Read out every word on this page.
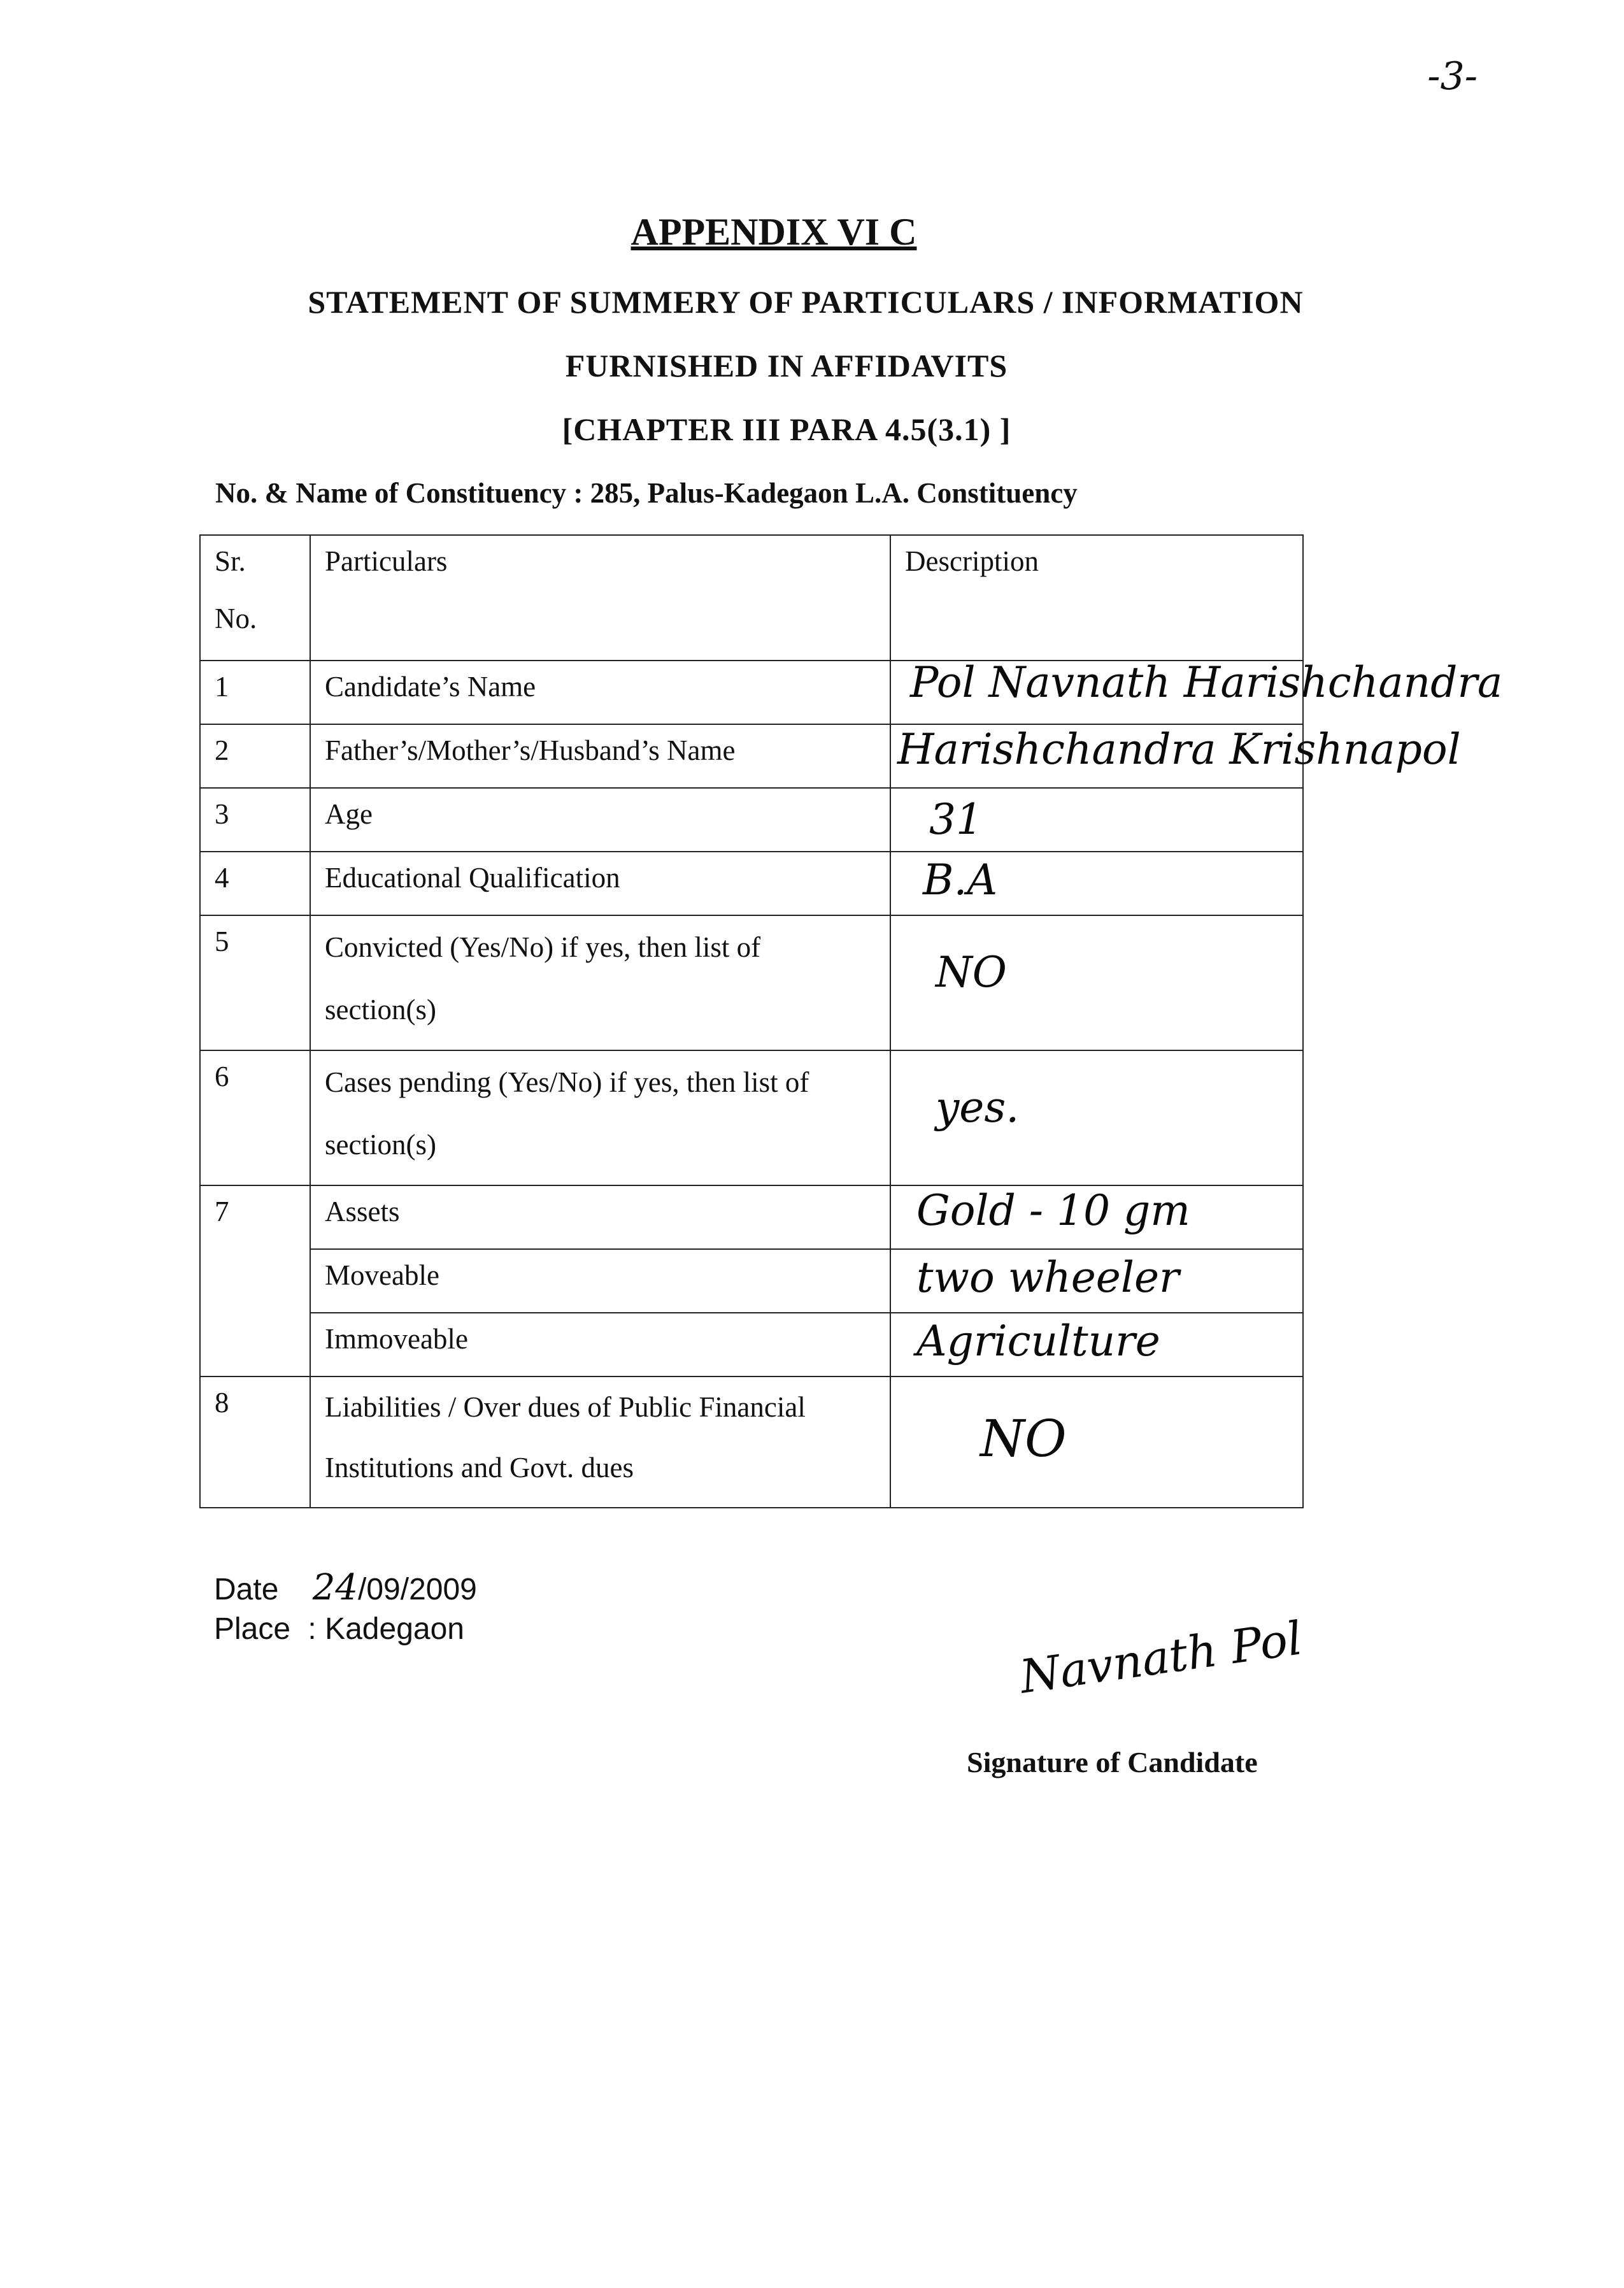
-3-
APPENDIX VI C
STATEMENT OF SUMMERY OF PARTICULARS / INFORMATION
FURNISHED IN AFFIDAVITS
[CHAPTER III PARA 4.5(3.1) ]
No. & Name of Constituency : 285, Palus-Kadegaon L.A. Constituency
Sr.
No.	Particulars	Description
1	Candidate’s Name	Pol Navnath Harishchandra

2	Father’s/Mother’s/Husband’s Name	Harishchandra Krishnapol

3	Age	31

4	Educational Qualification	B.A

5	Convicted (Yes/No) if yes, then list of section(s)	NO

6	Cases pending (Yes/No) if yes, then list of section(s)	yes.

7	Assets	Gold - 10 gm

	Moveable	two wheeler

	Immoveable	Agriculture

8	Liabilities / Over dues of Public Financial Institutions and Govt. dues	NO
Date 24/09/2009
Place : Kadegaon	Navnath Pol
Signature of Candidate
